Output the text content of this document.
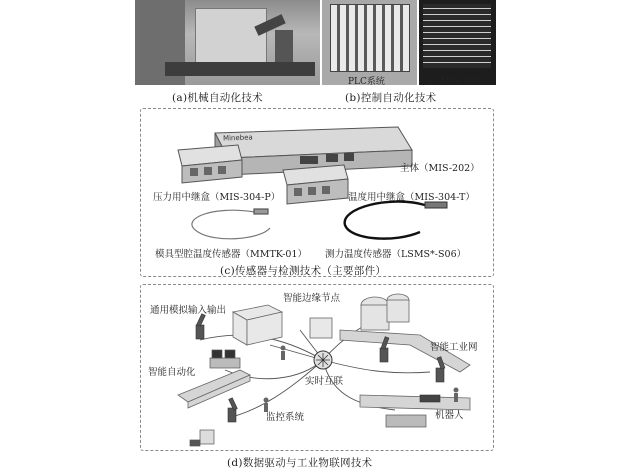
(a)机械自动化技术
PLC系统	SCADA 系统
(b)控制自动化技术
Minebea
主体（MIS-202）
压力用中继盒（MIS-304-P）	温度用中继盒（MIS-304-T）
模具型腔温度传感器（MMTK-01） 测力温度传感器（LSMS*-S06）
(c)传感器与检测技术（主要部件）
智能边缘节点
通用模拟输入输出
智能工业网
智能自动化
实时互联
监控系统	机器人
(d)数据驱动与工业物联网技术
